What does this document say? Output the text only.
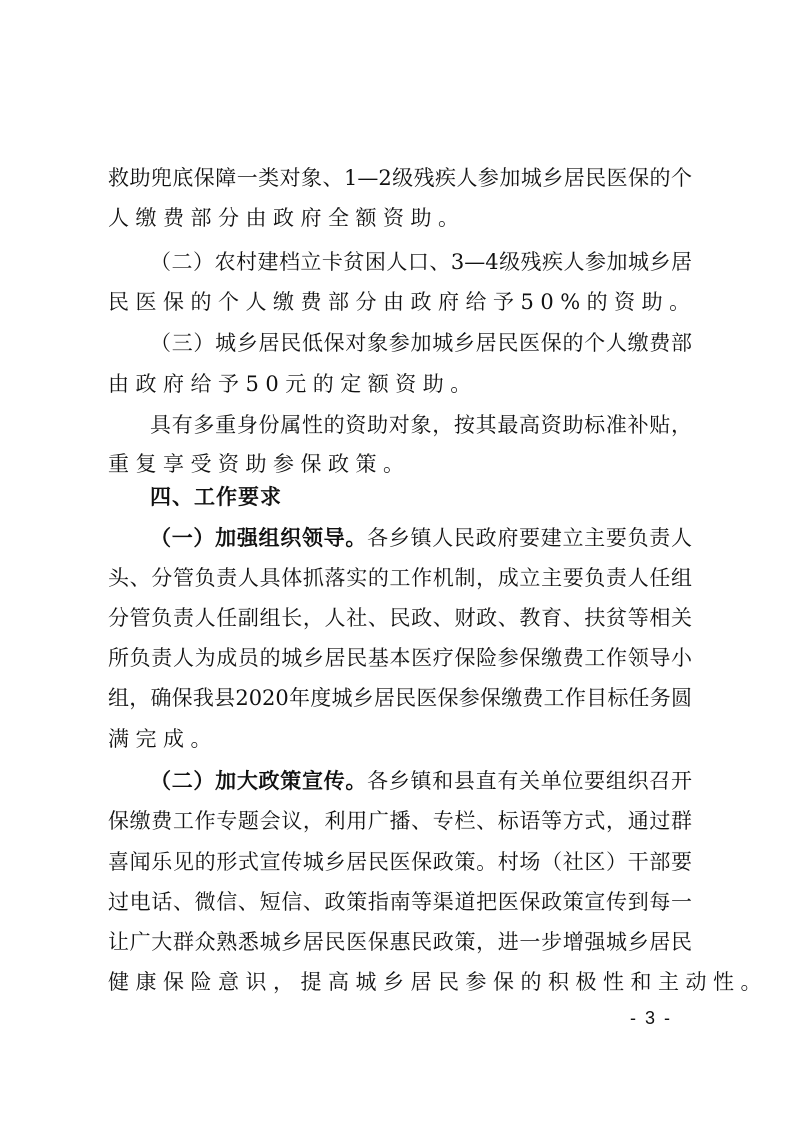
救助兜底保障一类对象、1—2级残疾人参加城乡居民医保的个
人缴费部分由政府全额资助。
（二）农村建档立卡贫困人口、3—4级残疾人参加城乡居
民医保的个人缴费部分由政府给予50%的资助。
（三）城乡居民低保对象参加城乡居民医保的个人缴费部
由政府给予50元的定额资助。
具有多重身份属性的资助对象，按其最高资助标准补贴，
重复享受资助参保政策。
四、工作要求
（一）加强组织领导。各乡镇人民政府要建立主要负责人
头、分管负责人具体抓落实的工作机制，成立主要负责人任组
分管负责人任副组长，人社、民政、财政、教育、扶贫等相关
所负责人为成员的城乡居民基本医疗保险参保缴费工作领导小
组，确保我县2020年度城乡居民医保参保缴费工作目标任务圆
满完成。
（二）加大政策宣传。各乡镇和县直有关单位要组织召开
保缴费工作专题会议，利用广播、专栏、标语等方式，通过群
喜闻乐见的形式宣传城乡居民医保政策。村场（社区）干部要
过电话、微信、短信、政策指南等渠道把医保政策宣传到每一
让广大群众熟悉城乡居民医保惠民政策，进一步增强城乡居民
健康保险意识，提高城乡居民参保的积极性和主动性。
- 3 -
